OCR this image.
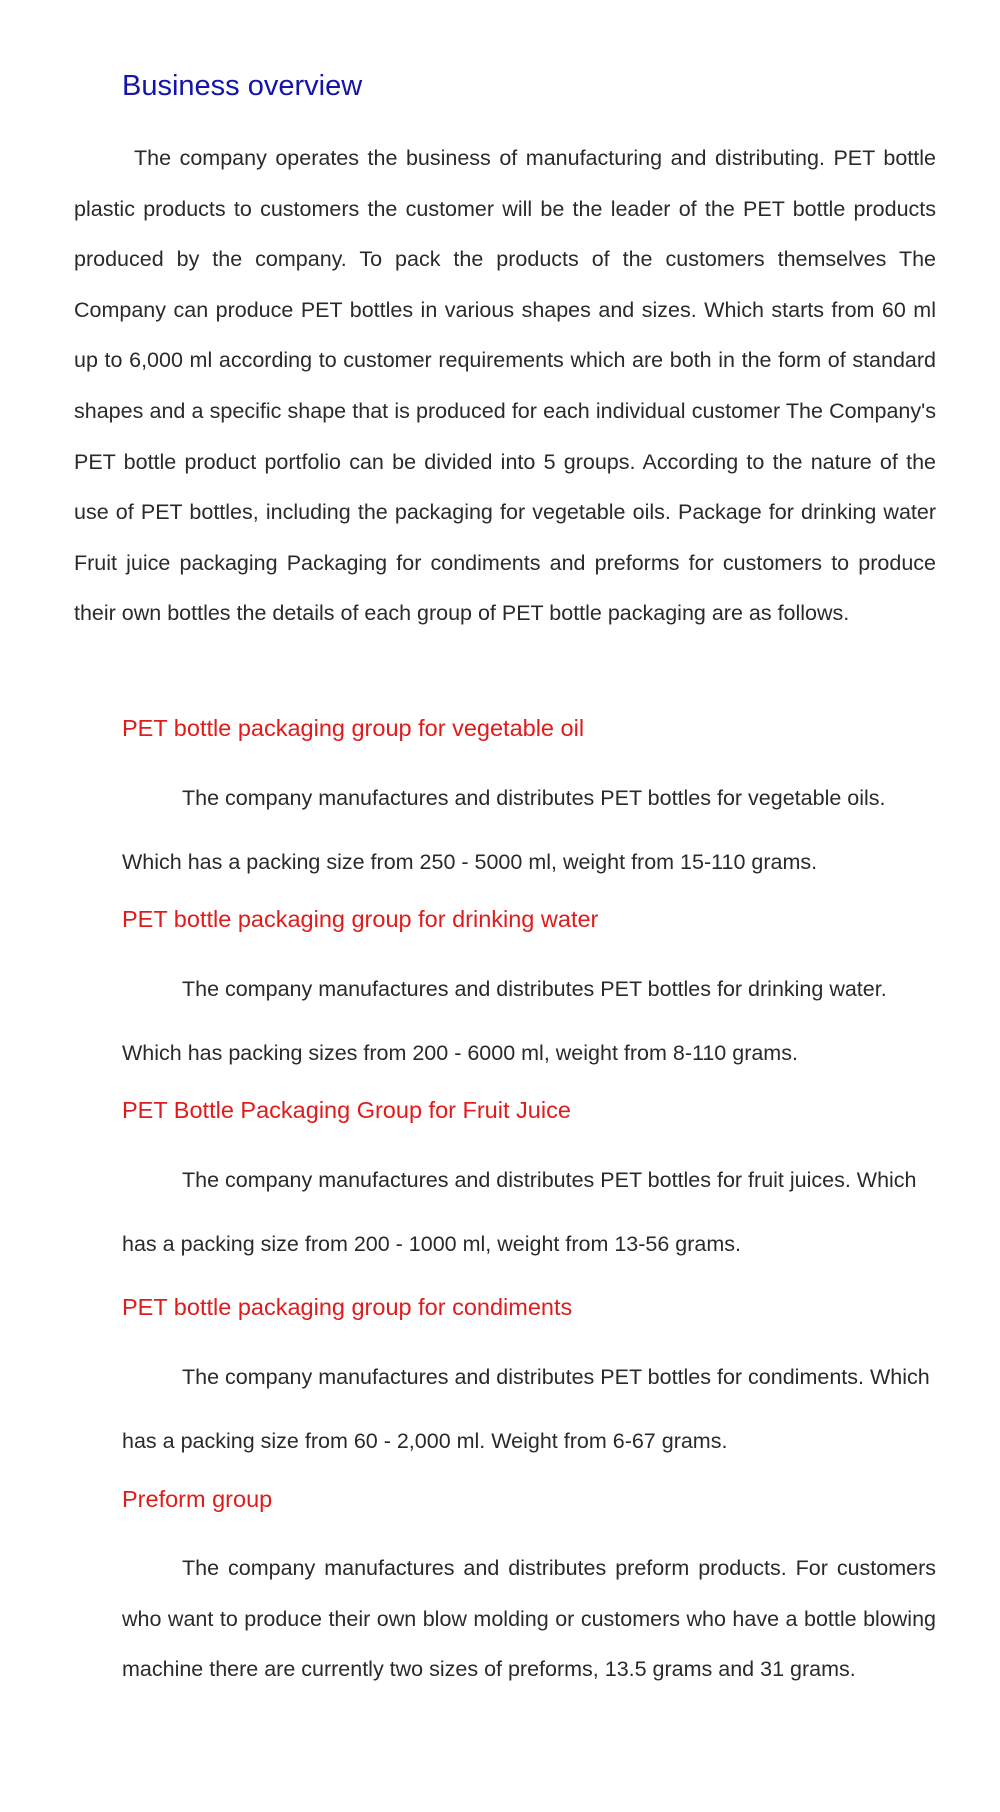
Business overview

The company operates the business of manufacturing and distributing. PET bottle plastic products to customers the customer will be the leader of the PET bottle products produced by the company. To pack the products of the customers themselves The Company can produce PET bottles in various shapes and sizes. Which starts from 60 ml up to 6,000 ml according to customer requirements which are both in the form of standard shapes and a specific shape that is produced for each individual customer The Company's PET bottle product portfolio can be divided into 5 groups. According to the nature of the use of PET bottles, including the packaging for vegetable oils. Package for drinking water Fruit juice packaging Packaging for condiments and preforms for customers to produce their own bottles the details of each group of PET bottle packaging are as follows.

PET bottle packaging group for vegetable oil

The company manufactures and distributes PET bottles for vegetable oils. Which has a packing size from 250 - 5000 ml, weight from 15-110 grams.

PET bottle packaging group for drinking water

The company manufactures and distributes PET bottles for drinking water. Which has packing sizes from 200 - 6000 ml, weight from 8-110 grams.

PET Bottle Packaging Group for Fruit Juice

The company manufactures and distributes PET bottles for fruit juices. Which has a packing size from 200 - 1000 ml, weight from 13-56 grams.

PET bottle packaging group for condiments

The company manufactures and distributes PET bottles for condiments. Which has a packing size from 60 - 2,000 ml. Weight from 6-67 grams.

Preform group

The company manufactures and distributes preform products. For customers who want to produce their own blow molding or customers who have a bottle blowing machine there are currently two sizes of preforms, 13.5 grams and 31 grams.
